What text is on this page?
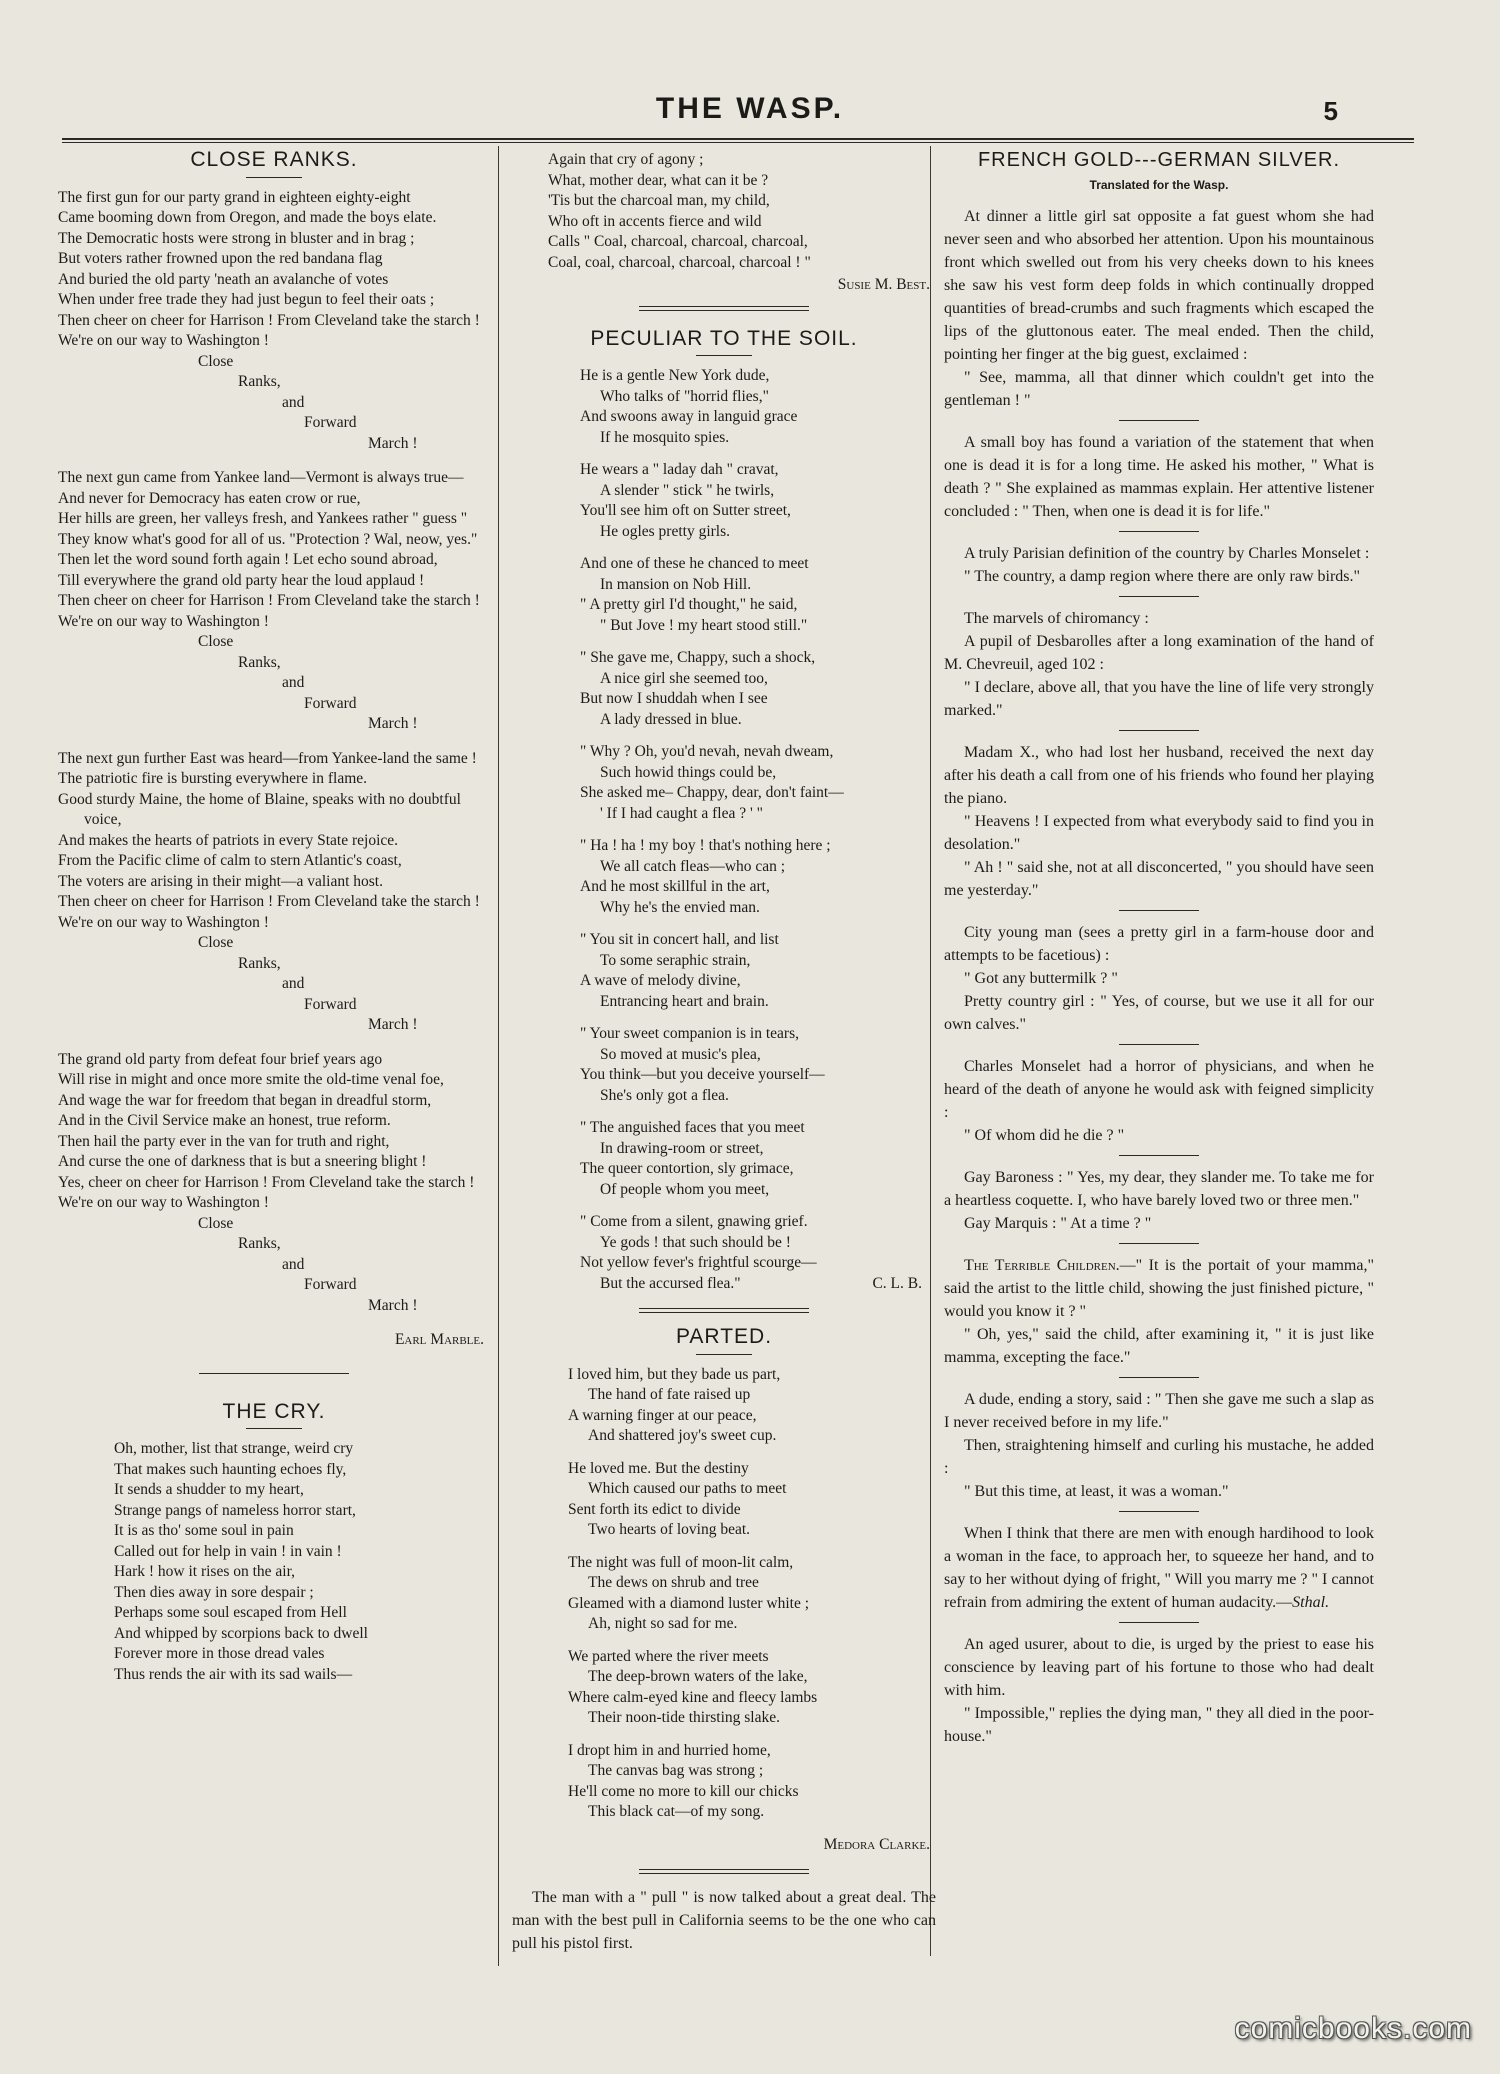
THE WASP.	5
CLOSE RANKS.

The first gun for our party grand in eighteen eighty-eight

Came booming down from Oregon, and made the boys elate.

The Democratic hosts were strong in bluster and in brag ;

But voters rather frowned upon the red bandana flag

And buried the old party 'neath an avalanche of votes

When under free trade they had just begun to feel their oats ;

Then cheer on cheer for Harrison ! From Cleveland take the starch !

We're on our way to Washington !

Close

Ranks,

and

Forward

March !

The next gun came from Yankee land—Vermont is always true—

And never for Democracy has eaten crow or rue,

Her hills are green, her valleys fresh, and Yankees rather " guess "

They know what's good for all of us. "Protection ? Wal, neow, yes."

Then let the word sound forth again ! Let echo sound abroad,

Till everywhere the grand old party hear the loud applaud !

Then cheer on cheer for Harrison ! From Cleveland take the starch !

We're on our way to Washington !

Close

Ranks,

and

Forward

March !

The next gun further East was heard—from Yankee-land the same !

The patriotic fire is bursting everywhere in flame.

Good sturdy Maine, the home of Blaine, speaks with no doubtful voice,

And makes the hearts of patriots in every State rejoice.

From the Pacific clime of calm to stern Atlantic's coast,

The voters are arising in their might—a valiant host.

Then cheer on cheer for Harrison ! From Cleveland take the starch !

We're on our way to Washington !

Close

Ranks,

and

Forward

March !

The grand old party from defeat four brief years ago

Will rise in might and once more smite the old-time venal foe,

And wage the war for freedom that began in dreadful storm,

And in the Civil Service make an honest, true reform.

Then hail the party ever in the van for truth and right,

And curse the one of darkness that is but a sneering blight !

Yes, cheer on cheer for Harrison ! From Cleveland take the starch !

We're on our way to Washington !

Close

Ranks,

and

Forward

March !

Earl Marble.
THE CRY.

Oh, mother, list that strange, weird cry

That makes such haunting echoes fly,

It sends a shudder to my heart,

Strange pangs of nameless horror start,

It is as tho' some soul in pain

Called out for help in vain ! in vain !

Hark ! how it rises on the air,

Then dies away in sore despair ;

Perhaps some soul escaped from Hell

And whipped by scorpions back to dwell

Forever more in those dread vales

Thus rends the air with its sad wails—

Again that cry of agony ;

What, mother dear, what can it be ?

'Tis but the charcoal man, my child,

Who oft in accents fierce and wild

Calls " Coal, charcoal, charcoal, charcoal,

Coal, coal, charcoal, charcoal, charcoal ! "

Susie M. Best.
PECULIAR TO THE SOIL.

He is a gentle New York dude,

Who talks of "horrid flies,"

And swoons away in languid grace

If he mosquito spies.

He wears a " laday dah " cravat,

A slender " stick " he twirls,

You'll see him oft on Sutter street,

He ogles pretty girls.

And one of these he chanced to meet

In mansion on Nob Hill.

" A pretty girl I'd thought," he said,

" But Jove ! my heart stood still."

" She gave me, Chappy, such a shock,

A nice girl she seemed too,

But now I shuddah when I see

A lady dressed in blue.

" Why ? Oh, you'd nevah, nevah dweam,

Such howid things could be,

She asked me– Chappy, dear, don't faint—

' If I had caught a flea ? ' "

" Ha ! ha ! my boy ! that's nothing here ;

We all catch fleas—who can ;

And he most skillful in the art,

Why he's the envied man.

" You sit in concert hall, and list

To some seraphic strain,

A wave of melody divine,

Entrancing heart and brain.

" Your sweet companion is in tears,

So moved at music's plea,

You think—but you deceive yourself—

She's only got a flea.

" The anguished faces that you meet

In drawing-room or street,

The queer contortion, sly grimace,

Of people whom you meet,

" Come from a silent, gnawing grief.

Ye gods ! that such should be !

Not yellow fever's frightful scourge—

But the accursed flea."	C. L. B.
PARTED.

I loved him, but they bade us part,

The hand of fate raised up

A warning finger at our peace,

And shattered joy's sweet cup.

He loved me. But the destiny

Which caused our paths to meet

Sent forth its edict to divide

Two hearts of loving beat.

The night was full of moon-lit calm,

The dews on shrub and tree

Gleamed with a diamond luster white ;

Ah, night so sad for me.

We parted where the river meets

The deep-brown waters of the lake,

Where calm-eyed kine and fleecy lambs

Their noon-tide thirsting slake.

I dropt him in and hurried home,

The canvas bag was strong ;

He'll come no more to kill our chicks

This black cat—of my song.

Medora Clarke.

The man with a " pull " is now talked about a great deal. The man with the best pull in California seems to be the one who can pull his pistol first.

FRENCH GOLD---GERMAN SILVER.
Translated for the Wasp.

At dinner a little girl sat opposite a fat guest whom she had never seen and who absorbed her attention. Upon his mountainous front which swelled out from his very cheeks down to his knees she saw his vest form deep folds in which continually dropped quantities of bread-crumbs and such fragments which escaped the lips of the gluttonous eater. The meal ended. Then the child, pointing her finger at the big guest, exclaimed :

" See, mamma, all that dinner which couldn't get into the gentleman ! "

A small boy has found a variation of the statement that when one is dead it is for a long time. He asked his mother, " What is death ? " She explained as mammas explain. Her attentive listener concluded : " Then, when one is dead it is for life."

A truly Parisian definition of the country by Charles Monselet :

" The country, a damp region where there are only raw birds."

The marvels of chiromancy :

A pupil of Desbarolles after a long examination of the hand of M. Chevreuil, aged 102 :

" I declare, above all, that you have the line of life very strongly marked."

Madam X., who had lost her husband, received the next day after his death a call from one of his friends who found her playing the piano.

" Heavens ! I expected from what everybody said to find you in desolation."

" Ah ! " said she, not at all disconcerted, " you should have seen me yesterday."

City young man (sees a pretty girl in a farm-house door and attempts to be facetious) :

" Got any buttermilk ? "

Pretty country girl : " Yes, of course, but we use it all for our own calves."

Charles Monselet had a horror of physicians, and when he heard of the death of anyone he would ask with feigned simplicity :

" Of whom did he die ? "

Gay Baroness : " Yes, my dear, they slander me. To take me for a heartless coquette. I, who have barely loved two or three men."

Gay Marquis : " At a time ? "

The Terrible Children.—" It is the portait of your mamma," said the artist to the little child, showing the just finished picture, " would you know it ? "

" Oh, yes," said the child, after examining it, " it is just like mamma, excepting the face."

A dude, ending a story, said : " Then she gave me such a slap as I never received before in my life."

Then, straightening himself and curling his mustache, he added :

" But this time, at least, it was a woman."

When I think that there are men with enough hardihood to look a woman in the face, to approach her, to squeeze her hand, and to say to her without dying of fright, " Will you marry me ? " I cannot refrain from admiring the extent of human audacity.—Sthal.

An aged usurer, about to die, is urged by the priest to ease his conscience by leaving part of his fortune to those who had dealt with him.

" Impossible," replies the dying man, " they all died in the poor-house."

comicbooks.com
